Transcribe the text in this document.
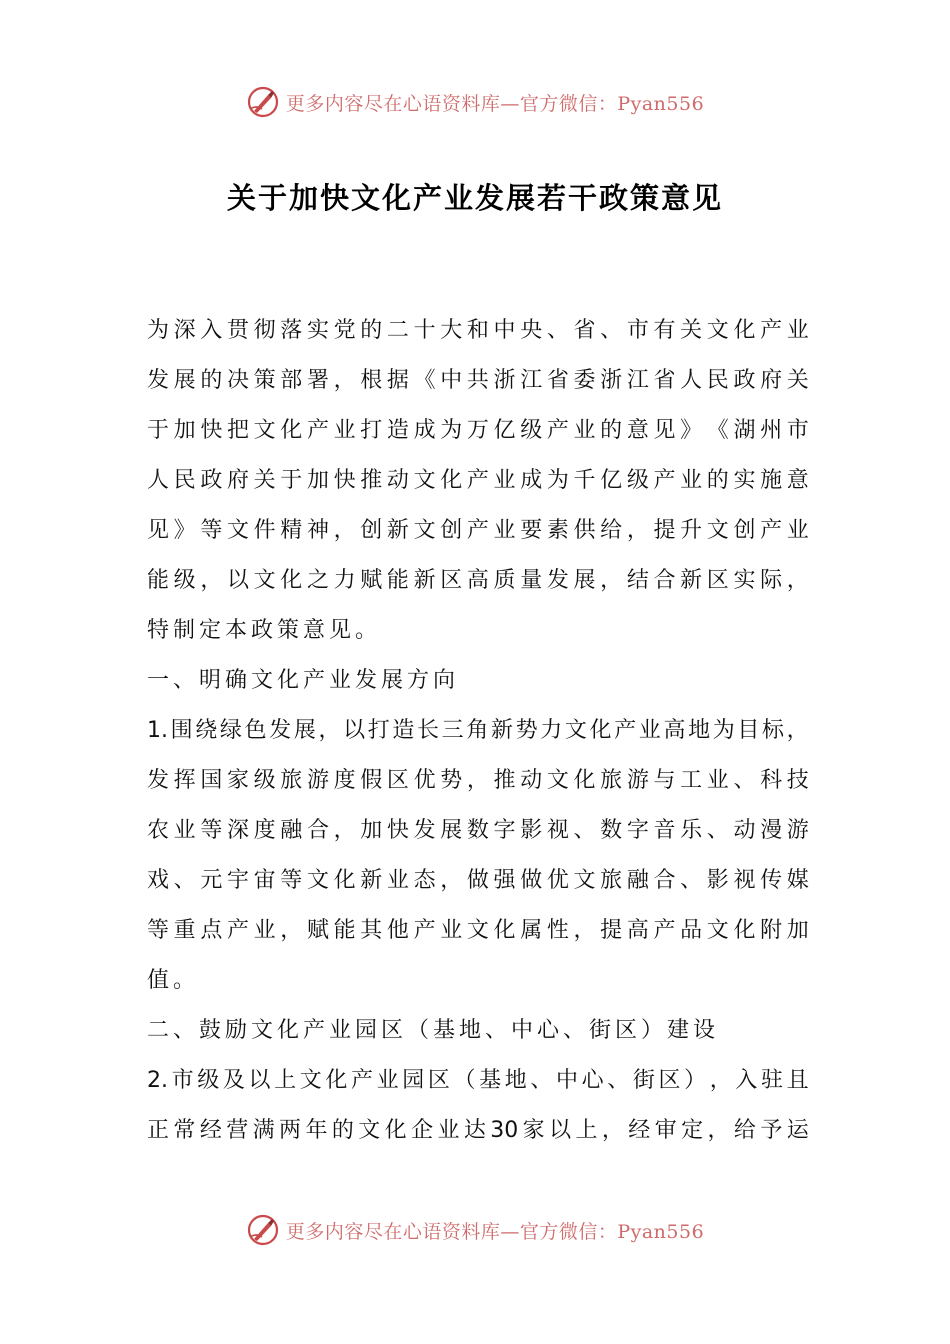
更多内容尽在心语资料库—官方微信：Pyan556
关于加快文化产业发展若干政策意见
为 深 入 贯 彻 落 实 党 的 二 十 大 和 中 央 、 省 、 市 有 关 文 化 产 业
发 展 的 决 策 部 署 ， 根 据 《 中 共 浙 江 省 委 浙 江 省 人 民 政 府 关
于 加 快 把 文 化 产 业 打 造 成 为 万 亿 级 产 业 的 意 见 》 《 湖 州 市
人 民 政 府 关 于 加 快 推 动 文 化 产 业 成 为 千 亿 级 产 业 的 实 施 意
见 》 等 文 件 精 神 ， 创 新 文 创 产 业 要 素 供 给 ， 提 升 文 创 产 业
能 级 ， 以 文 化 之 力 赋 能 新 区 高 质 量 发 展 ， 结 合 新 区 实 际 ，
特制定本政策意见。
一、明确文化产业发展方向
1. 围 绕 绿 色 发 展 ， 以 打 造 长 三 角 新 势 力 文 化 产 业 高 地 为 目 标 ，
发 挥 国 家 级 旅 游 度 假 区 优 势 ， 推 动 文 化 旅 游 与 工 业 、 科 技
农 业 等 深 度 融 合 ， 加 快 发 展 数 字 影 视 、 数 字 音 乐 、 动 漫 游
戏 、 元 宇 宙 等 文 化 新 业 态 ， 做 强 做 优 文 旅 融 合 、 影 视 传 媒
等 重 点 产 业 ， 赋 能 其 他 产 业 文 化 属 性 ， 提 高 产 品 文 化 附 加
值。
二、鼓励文化产业园区（基地、中心、街区）建设
2. 市 级 及 以 上 文 化 产 业 园 区 （ 基 地 、 中 心 、 街 区 ） ， 入 驻 且
正 常 经 营 满 两 年 的 文 化 企 业 达 30 家 以 上 ， 经 审 定 ， 给 予 运
更多内容尽在心语资料库—官方微信：Pyan556
